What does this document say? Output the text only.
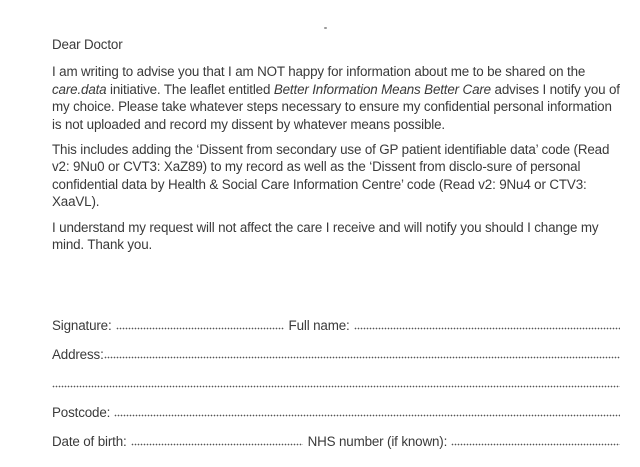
Dear Doctor

I am writing to advise you that I am NOT happy for information about me to be shared on the care.data initiative. The leaflet entitled Better Information Means Better Care advises I notify you of my choice. Please take whatever steps necessary to ensure my confidential personal information is not uploaded and record my dissent by whatever means possible.

This includes adding the ‘Dissent from secondary use of GP patient identifiable data’ code (Read v2: 9Nu0 or CVT3: XaZ89) to my record as well as the ‘Dissent from disclo-sure of personal confidential data by Health & Social Care Information Centre’ code (Read v2: 9Nu4 or CTV3: XaaVL).

I understand my request will not affect the care I receive and will notify you should I change my mind. Thank you.

Signature:	Full name:
Address:
Postcode:
Date of birth:	NHS number (if known):
